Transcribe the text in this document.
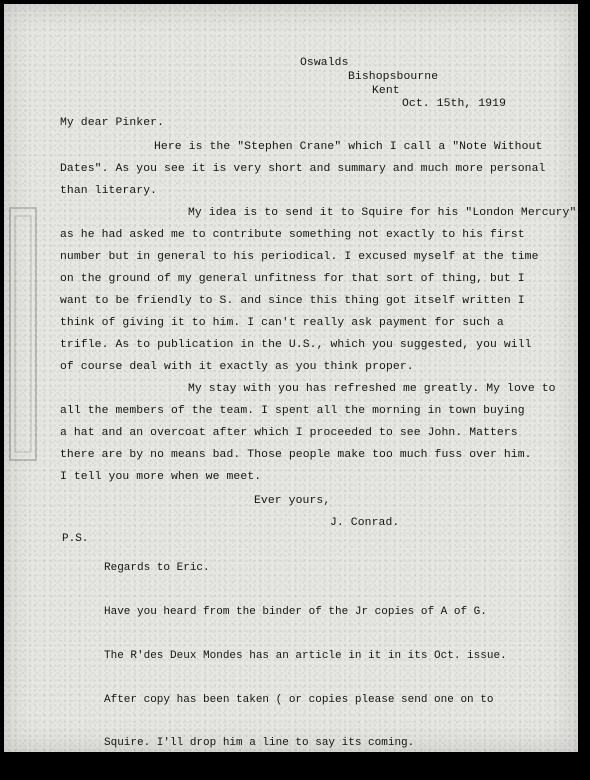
Oswalds
Bishopsbourne
Kent
Oct. 15th, 1919
My dear Pinker.
Here is the "Stephen Crane" which I call a "Note Without
Dates". As you see it is very short and summary and much more personal
than literary.
My idea is to send it to Squire for his "London Mercury",
as he had asked me to contribute something not exactly to his first
number but in general to his periodical. I excused myself at the time
on the ground of my general unfitness for that sort of thing, but I
want to be friendly to S. and since this thing got itself written I
think of giving it to him. I can't really ask payment for such a
trifle. As to publication in the U.S., which you suggested, you will
of course deal with it exactly as you think proper.
My stay with you has refreshed me greatly. My love to
all the members of the team. I spent all the morning in town buying
a hat and an overcoat after which I proceeded to see John. Matters
there are by no means bad. Those people make too much fuss over him.
I tell you more when we meet.
Ever yours,
J. Conrad.
P.S.

Regards to Eric.

Have you heard from the binder of the Jr copies of A of G.

The R'des Deux Mondes has an article in it in its Oct. issue.

After copy has been taken ( or copies please send one on to

Squire. I'll drop him a line to say its coming.
